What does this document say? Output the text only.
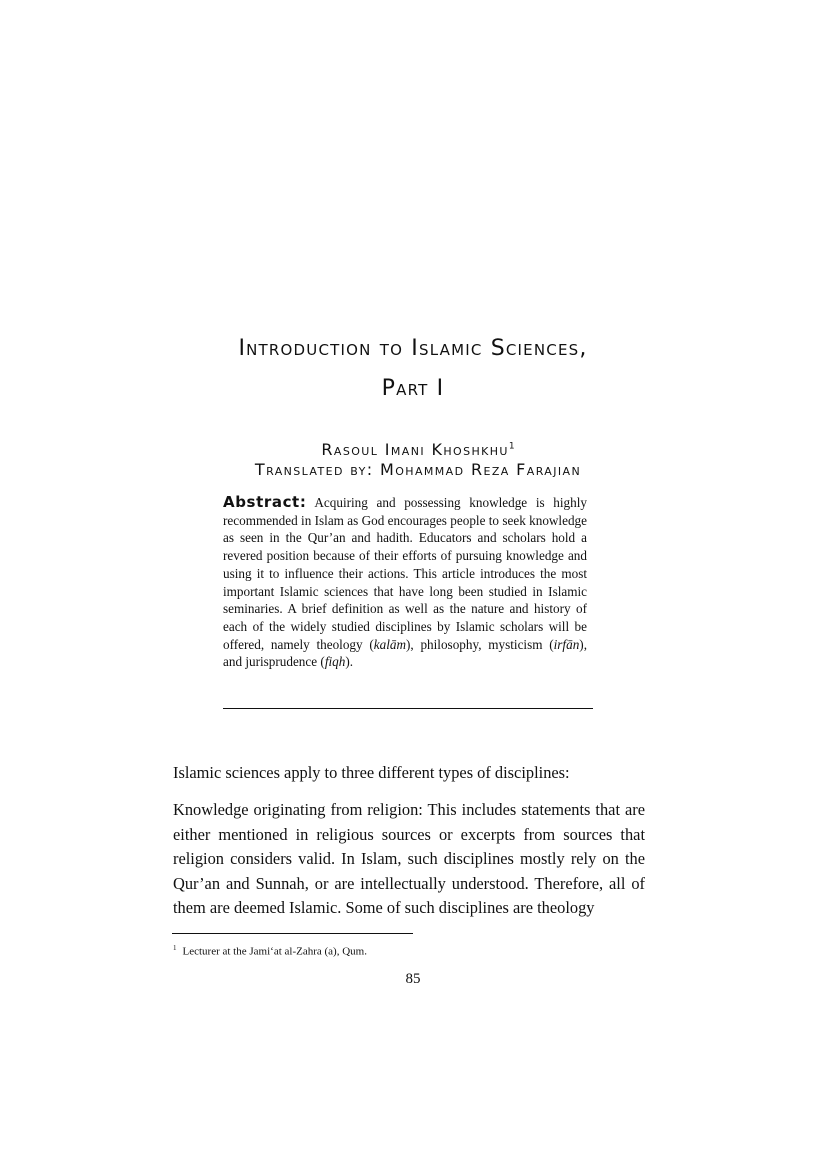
Introduction to Islamic Sciences,
Part I
Rasoul Imani Khoshkhu$^1$
Translated by: Mohammad Reza Farajian
Abstract: Acquiring and possessing knowledge is highly recommended in Islam as God encourages people to seek knowledge as seen in the Qur’an and hadith. Educators and scholars hold a revered position because of their efforts of pursuing knowledge and using it to influence their actions. This article introduces the most important Islamic sciences that have long been studied in Islamic seminaries. A brief definition as well as the nature and history of each of the widely studied disciplines by Islamic scholars will be offered, namely theology (kalām), philosophy, mysticism (irfān), and jurisprudence (fiqh).
Islamic sciences apply to three different types of disciplines:
Knowledge originating from religion: This includes statements that are either mentioned in religious sources or excerpts from sources that religion considers valid. In Islam, such disciplines mostly rely on the Qur’an and Sunnah, or are intellectually understood. Therefore, all of them are deemed Islamic. Some of such disciplines are theology
$^1$ Lecturer at the Jami‘at al-Zahra (a), Qum.
85
